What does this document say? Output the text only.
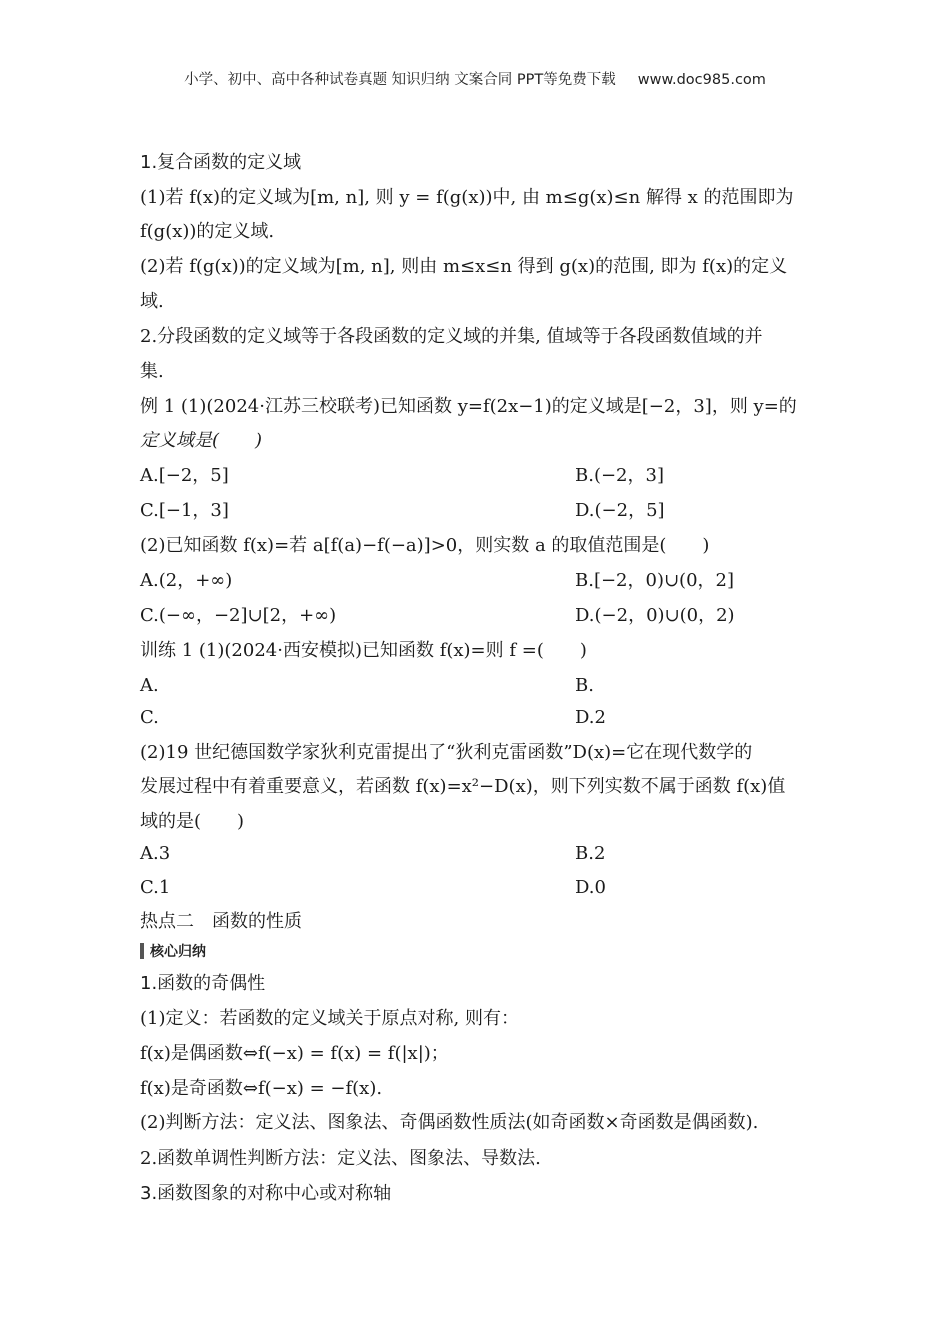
小学、初中、高中各种试卷真题 知识归纳 文案合同 PPT等免费下载 www.doc985.com
1.复合函数的定义域
(1)若 f(x)的定义域为[m, n], 则 y = f(g(x))中, 由 m≤g(x)≤n 解得 x 的范围即为
f(g(x))的定义域.
(2)若 f(g(x))的定义域为[m, n], 则由 m≤x≤n 得到 g(x)的范围, 即为 f(x)的定义
域.
2.分段函数的定义域等于各段函数的定义域的并集, 值域等于各段函数值域的并
集.
例 1 (1)(2024·江苏三校联考)已知函数 y=f(2x−1)的定义域是[−2，3]，则 y=的
定义域是(　　)
A.[−2，5]	B.(−2，3]
C.[−1，3]	D.(−2，5]
(2)已知函数 f(x)=若 a[f(a)−f(−a)]>0，则实数 a 的取值范围是(　　)
A.(2，+∞)	B.[−2，0)∪(0，2]
C.(−∞，−2]∪[2，+∞)	D.(−2，0)∪(0，2)
训练 1 (1)(2024·西安模拟)已知函数 f(x)=则 f =(　　)
A.	B.
C.	D.2
(2)19 世纪德国数学家狄利克雷提出了“狄利克雷函数”D(x)=它在现代数学的
发展过程中有着重要意义，若函数 f(x)=x²−D(x)，则下列实数不属于函数 f(x)值
域的是(　　)
A.3	B.2
C.1	D.0
热点二　函数的性质
核心归纳
1.函数的奇偶性
(1)定义：若函数的定义域关于原点对称, 则有：
f(x)是偶函数⇔f(−x) = f(x) = f(|x|)；
f(x)是奇函数⇔f(−x) = −f(x).
(2)判断方法：定义法、图象法、奇偶函数性质法(如奇函数×奇函数是偶函数).
2.函数单调性判断方法：定义法、图象法、导数法.
3.函数图象的对称中心或对称轴
